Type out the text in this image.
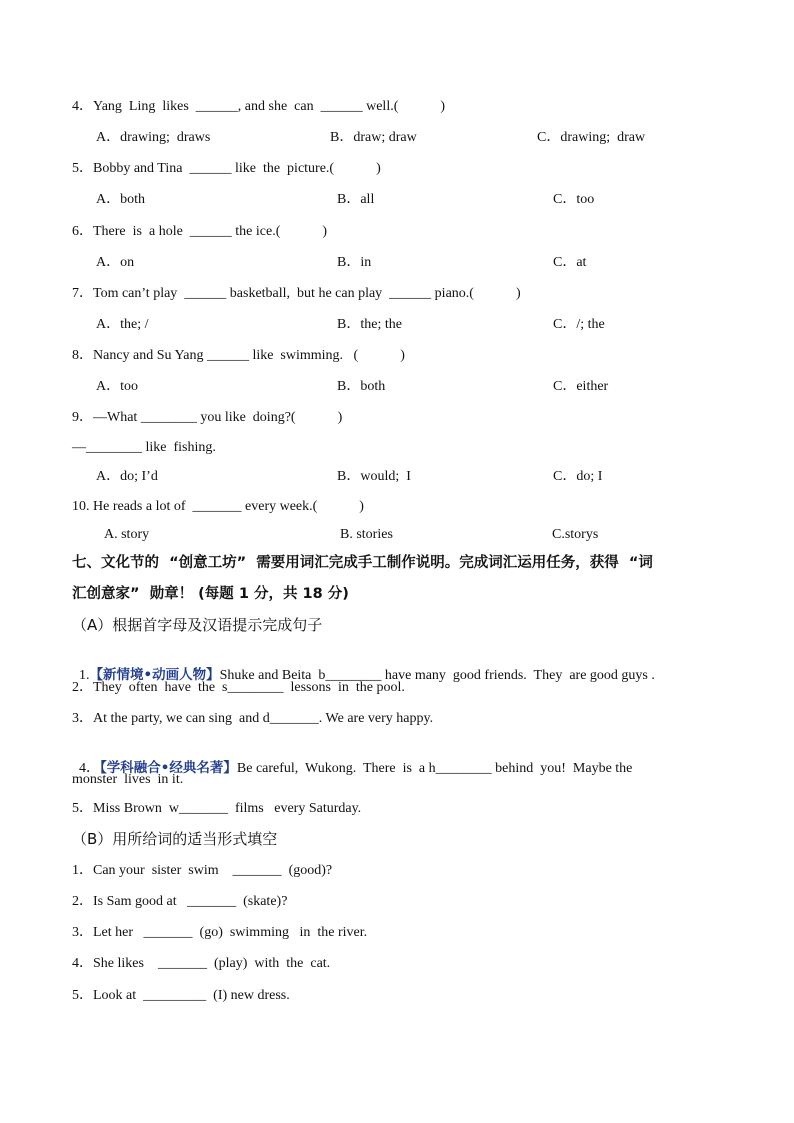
4．Yang  Ling  likes  ______, and she  can  ______ well.(            )
A．drawing;  draws	B．draw; draw	C．drawing;  draw
5．Bobby and Tina  ______ like  the  picture.(            )
A．both	B．all	C．too
6．There  is  a hole  ______ the ice.(            )
A．on	B．in	C．at
7．Tom can’t play  ______ basketball,  but he can play  ______ piano.(            )
A．the; /	B．the; the	C．/; the
8．Nancy and Su Yang ______ like  swimming.   (            )
A．too	B．both	C．either
9．—What ________ you like  doing?(            )
—________ like  fishing.
A．do; I’d	B．would;  I	C．do; I
10. He reads a lot of  _______ every week.(            )
A. story	B. stories	C.storys
七、文化节的  “创意工坊”  需要用词汇完成手工制作说明。完成词汇运用任务，获得  “词
汇创意家”  勋章！ (每题 1 分，共 18 分)
（A）根据首字母及汉语提示完成句子

1.【新情境•动画人物】Shuke and Beita  b________ have many  good friends.  They  are good guys .

2．They  often  have  the  s________  lessons  in  the pool.
3．At the party, we can sing  and d_______. We are very happy.

4．【学科融合•经典名著】Be careful,  Wukong.  There  is  a h________ behind  you!  Maybe the

monster  lives  in it.
5．Miss Brown  w_______  films   every Saturday.
（B）用所给词的适当形式填空
1．Can your  sister  swim    _______  (good)?
2．Is Sam good at   _______  (skate)?
3．Let her   _______  (go)  swimming   in  the river.
4．She likes    _______  (play)  with  the  cat.
5．Look at  _________  (I) new dress.
